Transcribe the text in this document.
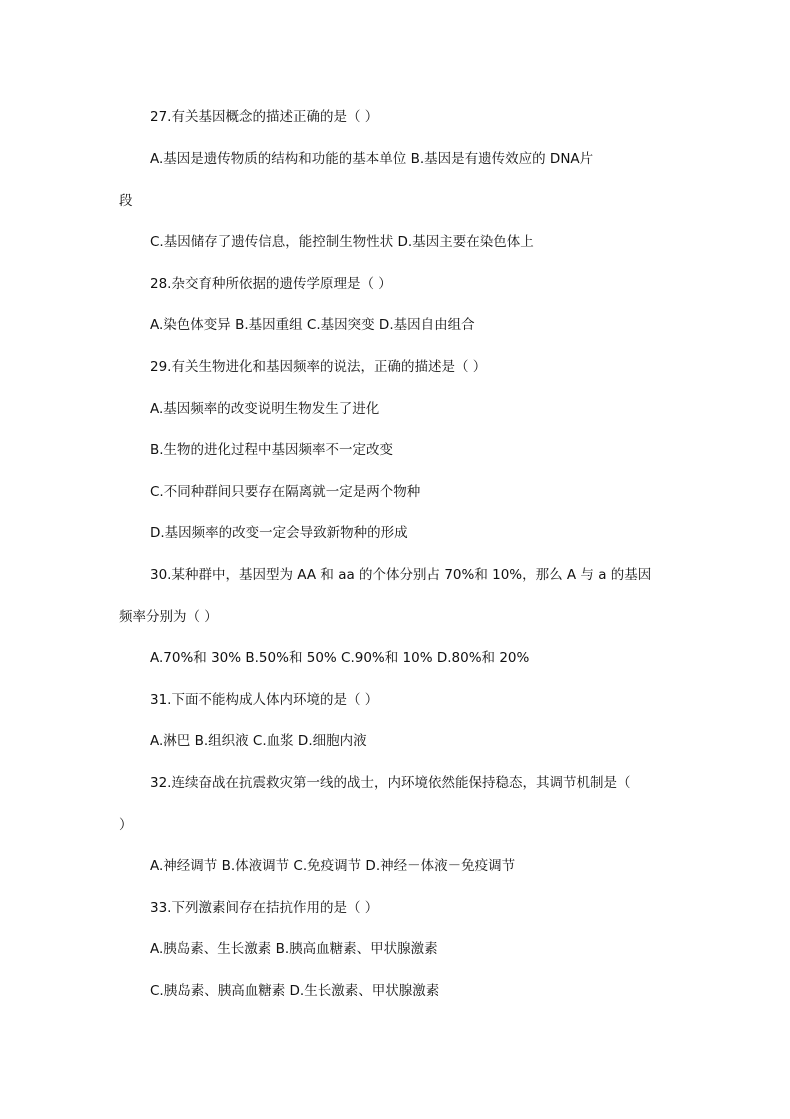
27.有关基因概念的描述正确的是（ ）

A.基因是遗传物质的结构和功能的基本单位 B.基因是有遗传效应的 DNA片

段

C.基因储存了遗传信息，能控制生物性状 D.基因主要在染色体上

28.杂交育种所依据的遗传学原理是（ ）

A.染色体变异 B.基因重组 C.基因突变 D.基因自由组合

29.有关生物进化和基因频率的说法，正确的描述是（ ）

A.基因频率的改变说明生物发生了进化

B.生物的进化过程中基因频率不一定改变

C.不同种群间只要存在隔离就一定是两个物种

D.基因频率的改变一定会导致新物种的形成

30.某种群中，基因型为 AA 和 aa 的个体分别占 70%和 10%，那么 A 与 a 的基因

频率分别为（ ）

A.70%和 30% B.50%和 50% C.90%和 10% D.80%和 20%

31.下面不能构成人体内环境的是（ ）

A.淋巴 B.组织液 C.血浆 D.细胞内液

32.连续奋战在抗震救灾第一线的战士，内环境依然能保持稳态，其调节机制是（

）

A.神经调节 B.体液调节 C.免疫调节 D.神经－体液－免疫调节

33.下列激素间存在拮抗作用的是（ ）

A.胰岛素、生长激素 B.胰高血糖素、甲状腺激素

C.胰岛素、胰高血糖素 D.生长激素、甲状腺激素
